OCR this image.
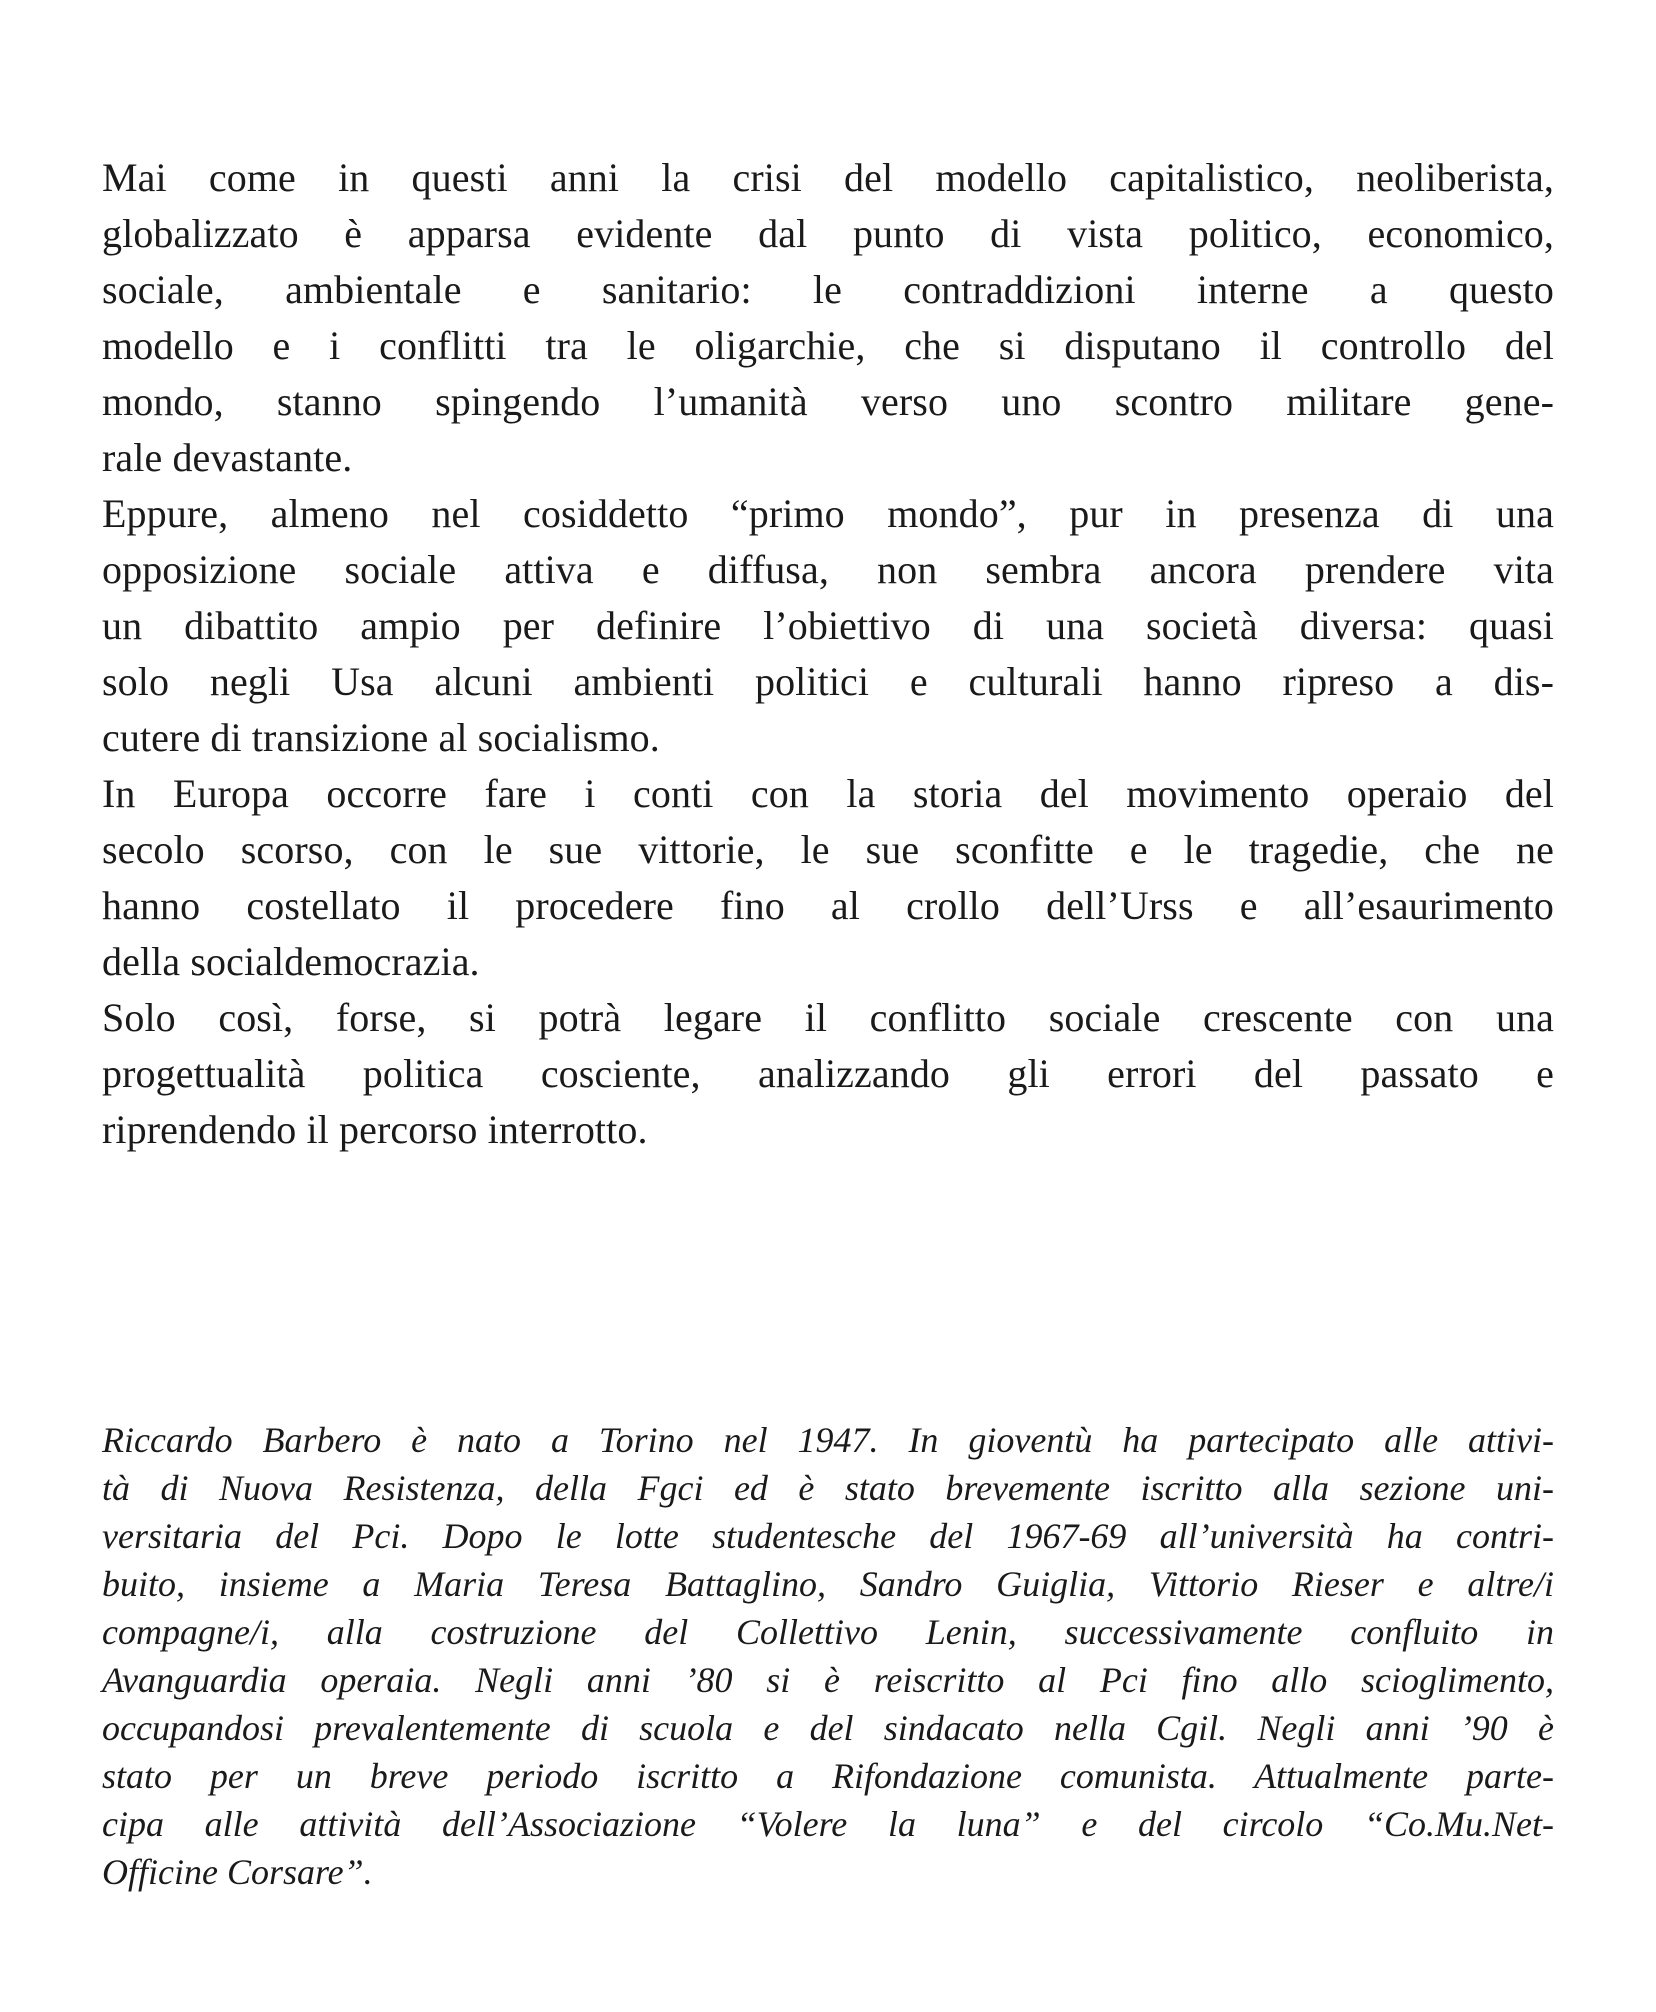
Mai come in questi anni la crisi del modello capitalistico, neoliberista,
globalizzato è apparsa evidente dal punto di vista politico, economico,
sociale, ambientale e sanitario: le contraddizioni interne a questo
modello e i conflitti tra le oligarchie, che si disputano il controllo del
mondo, stanno spingendo l’umanità verso uno scontro militare gene-
rale devastante.
Eppure, almeno nel cosiddetto “primo mondo”, pur in presenza di una
opposizione sociale attiva e diffusa, non sembra ancora prendere vita
un dibattito ampio per definire l’obiettivo di una società diversa: quasi
solo negli Usa alcuni ambienti politici e culturali hanno ripreso a dis-
cutere di transizione al socialismo.
In Europa occorre fare i conti con la storia del movimento operaio del
secolo scorso, con le sue vittorie, le sue sconfitte e le tragedie, che ne
hanno costellato il procedere fino al crollo dell’Urss e all’esaurimento
della socialdemocrazia.
Solo così, forse, si potrà legare il conflitto sociale crescente con una
progettualità politica cosciente, analizzando gli errori del passato e
riprendendo il percorso interrotto.
Riccardo Barbero è nato a Torino nel 1947. In gioventù ha partecipato alle attivi-
tà di Nuova Resistenza, della Fgci ed è stato brevemente iscritto alla sezione uni-
versitaria del Pci. Dopo le lotte studentesche del 1967-69 all’università ha contri-
buito, insieme a Maria Teresa Battaglino, Sandro Guiglia, Vittorio Rieser e altre/i
compagne/i, alla costruzione del Collettivo Lenin, successivamente confluito in
Avanguardia operaia. Negli anni ’80 si è reiscritto al Pci fino allo scioglimento,
occupandosi prevalentemente di scuola e del sindacato nella Cgil. Negli anni ’90 è
stato per un breve periodo iscritto a Rifondazione comunista. Attualmente parte-
cipa alle attività dell’Associazione “Volere la luna” e del circolo “Co.Mu.Net-
Officine Corsare”.
